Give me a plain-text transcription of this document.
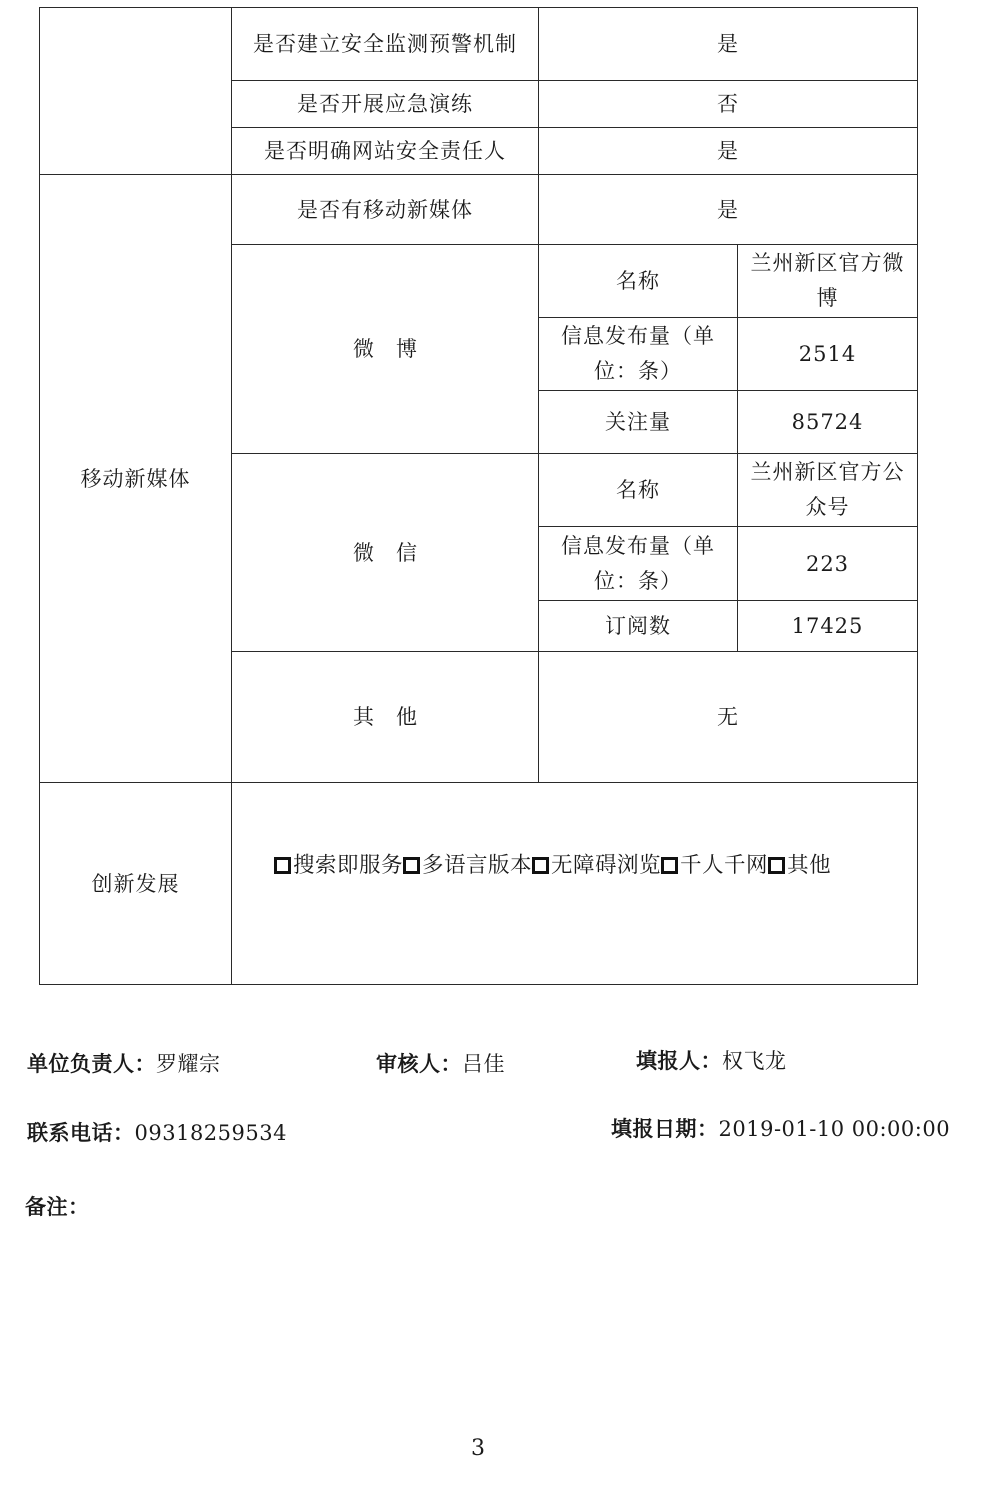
	是否建立安全监测预警机制	是	
	是否开展应急演练	否	
	是否明确网站安全责任人	是	
移动新媒体	是否有移动新媒体	是	
	微博	名称	兰州新区官方微博
		信息发布量（单位：条）	2514
		关注量	85724
	微信	名称	兰州新区官方公众号
		信息发布量（单位：条）	223
		订阅数	17425
	其他	无	
创新发展	搜索即服务 多语言版本 无障碍浏览 千人千网 其他		
单位负责人：罗耀宗	审核人：吕佳	填报人：权飞龙
联系电话：09318259534	填报日期：2019-01-10 00:00:00
备注：
3
